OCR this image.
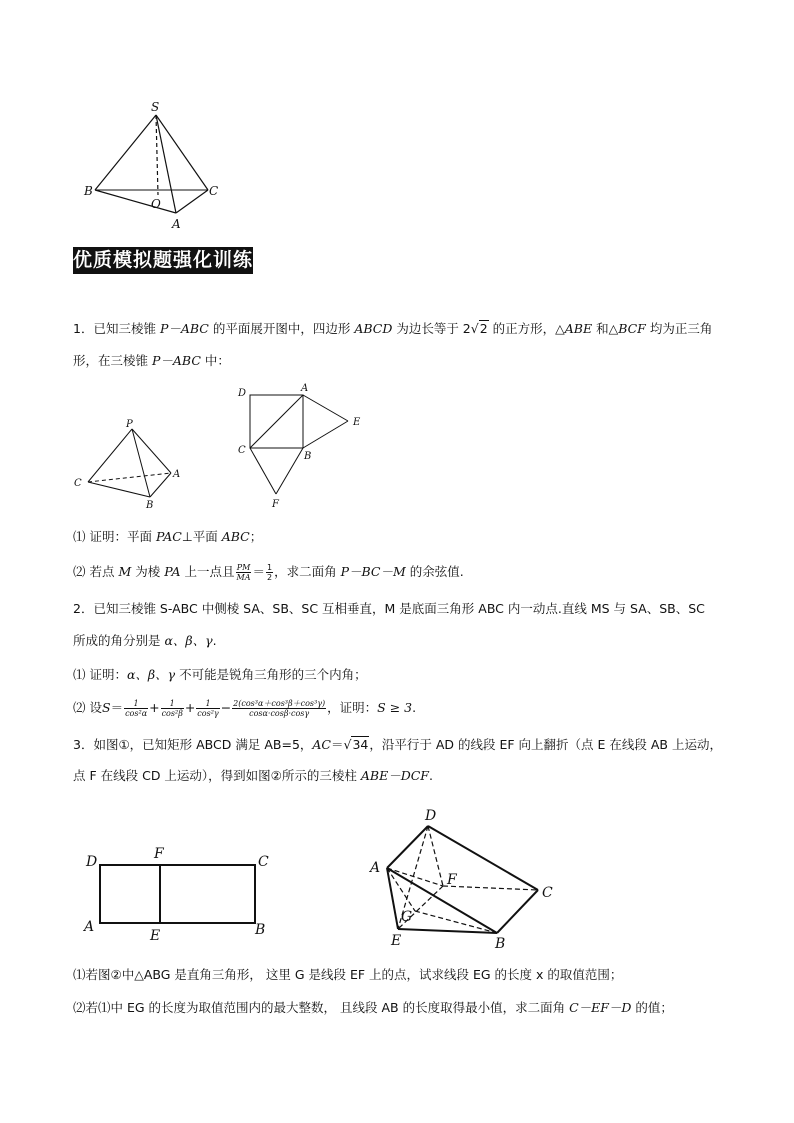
S
B	C
O
A
优质模拟题强化训练
1．已知三棱锥 P－ABC 的平面展开图中，四边形 ABCD 为边长等于 2√2 的正方形，△ABE 和△BCF 均为正三角
形，在三棱锥 P－ABC 中：
P
C
A
B
D	A
E
C
B
F
⑴ 证明：平面 PAC⊥平面 ABC；
⑵ 若点 M 为棱 PA 上一点且 $\frac{PM}{MA} = \frac{1}{2}$ ，求二面角 P－BC－M 的余弦值.
2．已知三棱锥 S-ABC 中侧棱 SA、SB、SC 互相垂直，M 是底面三角形 ABC 内一动点.直线 MS 与 SA、SB、SC
所成的角分别是 α、β、γ.
⑴ 证明：α、β、γ 不可能是锐角三角形的三个内角；
⑵ 设$S= \frac{1}{\text{cos²α}} + \frac{1}{\text{cos²β}} + \frac{1}{\text{cos²γ}} - \frac{\text{2(cos³α＋cos³β＋cos³γ)}}{\cos\alpha\cdot\cos\beta\cdot\cos\gamma}$ ，证明：S ≥ 3.
3．如图①，已知矩形 ABCD 满足 AB=5，AC＝√34，沿平行于 AD 的线段 EF 向上翻折（点 E 在线段 AB 上运动，
点 F 在线段 CD 上运动），得到如图②所示的三棱柱 ABE－DCF.
D	F	C
A
E	B
D
A
F
C
G
E	B
⑴若图②中△ABG 是直角三角形， 这里 G 是线段 EF 上的点，试求线段 EG 的长度 x 的取值范围；
⑵若⑴中 EG 的长度为取值范围内的最大整数， 且线段 AB 的长度取得最小值，求二面角 C－EF－D 的值；
